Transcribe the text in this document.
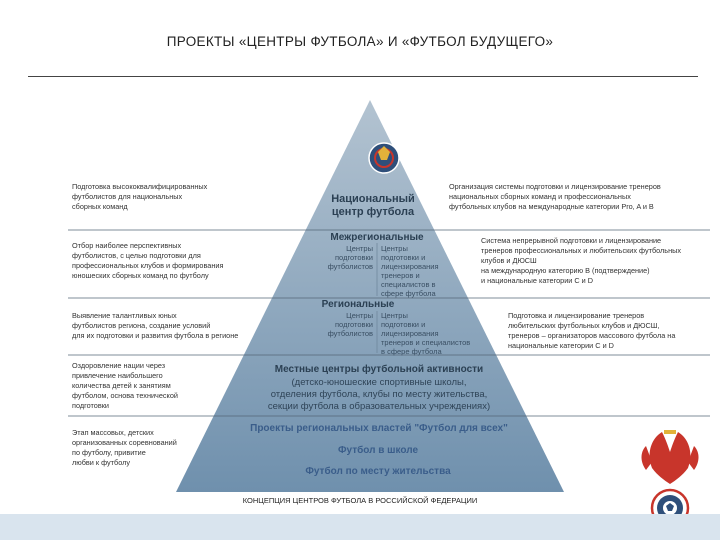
ПРОЕКТЫ «ЦЕНТРЫ ФУТБОЛА» И «ФУТБОЛ БУДУЩЕГО»
Национальный
центр футбола
Межрегиональные
Центры
подготовки
футболистов
Центры
подготовки и
лицензирования
тренеров и
специалистов в
сфере футбола
Региональные
Центры
подготовки
футболистов
Центры
подготовки и
лицензирования
тренеров и специалистов
в сфере футбола
Местные центры футбольной активности
(детско-юношеские спортивные школы,
отделения футбола, клубы по месту жительства,
секции футбола в образовательных учреждениях)
Проекты региональных властей "Футбол для всех"
Футбол в школе
Футбол по месту жительства
Подготовка высококвалифицированных
футболистов для национальных
сборных команд
Отбор наиболее перспективных
футболистов, с целью подготовки для
профессиональных клубов и формирования
юношеских сборных команд по футболу
Выявление талантливых юных
футболистов региона, создание условий
для их подготовки и развития футбола в регионе
Оздоровление нации через
привлечение наибольшего
количества детей к занятиям
футболом, основа технической
подготовки
Этап массовых, детских
организованных соревнований
по футболу, привитие
любви к футболу
Организация системы подготовки и лицензирование тренеров
национальных сборных команд и профессиональных
футбольных клубов на международные категории Pro, A и B
Система непрерывной подготовки и лицензирование
тренеров профессиональных и любительских футбольных
клубов и ДЮСШ
на международную категорию B (подтверждение)
и национальные категории C и D
Подготовка и лицензирование тренеров
любительских футбольных клубов и ДЮСШ,
тренеров – организаторов массового футбола на
национальные категории C и D
КОНЦЕПЦИЯ ЦЕНТРОВ ФУТБОЛА В РОССИЙСКОЙ ФЕДЕРАЦИИ
